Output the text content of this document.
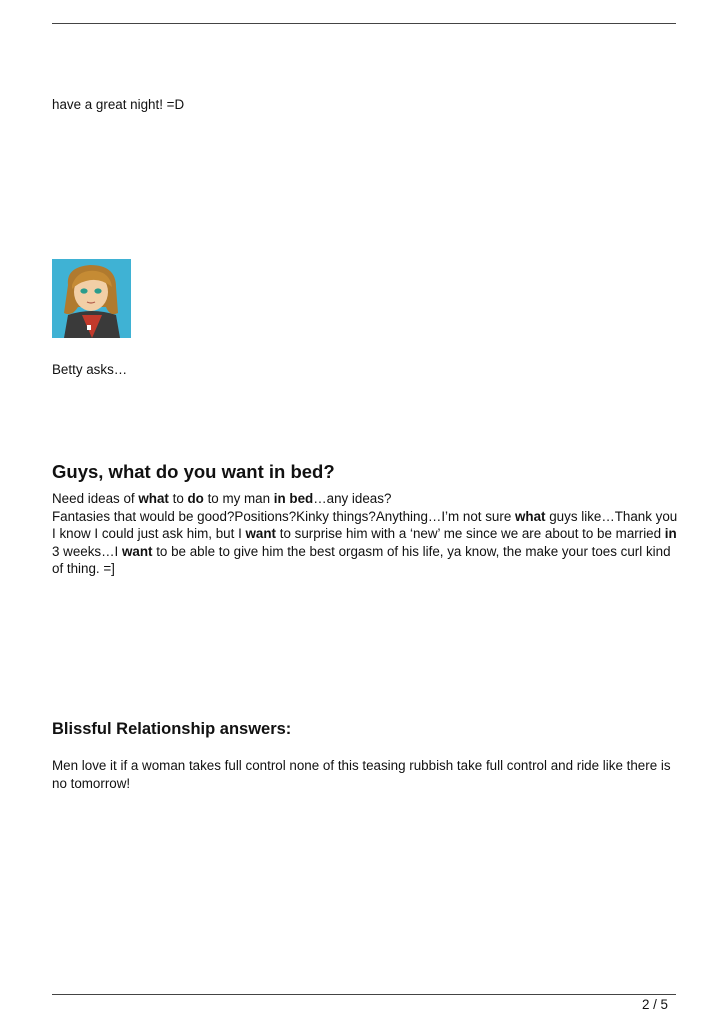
have a great night! =D

Betty asks…

Guys, what do you want in bed?
Need ideas of what to do to my man in bed…any ideas?
Fantasies that would be good?Positions?Kinky things?Anything…I’m not sure what guys like…Thank you
I know I could just ask him, but I want to surprise him with a ‘new’ me since we are about to be married in 3 weeks…I want to be able to give him the best orgasm of his life, ya know, the make your toes curl kind of thing. =]
Blissful Relationship answers:

Men love it if a woman takes full control none of this teasing rubbish take full control and ride like there is no tomorrow!

2 / 5
